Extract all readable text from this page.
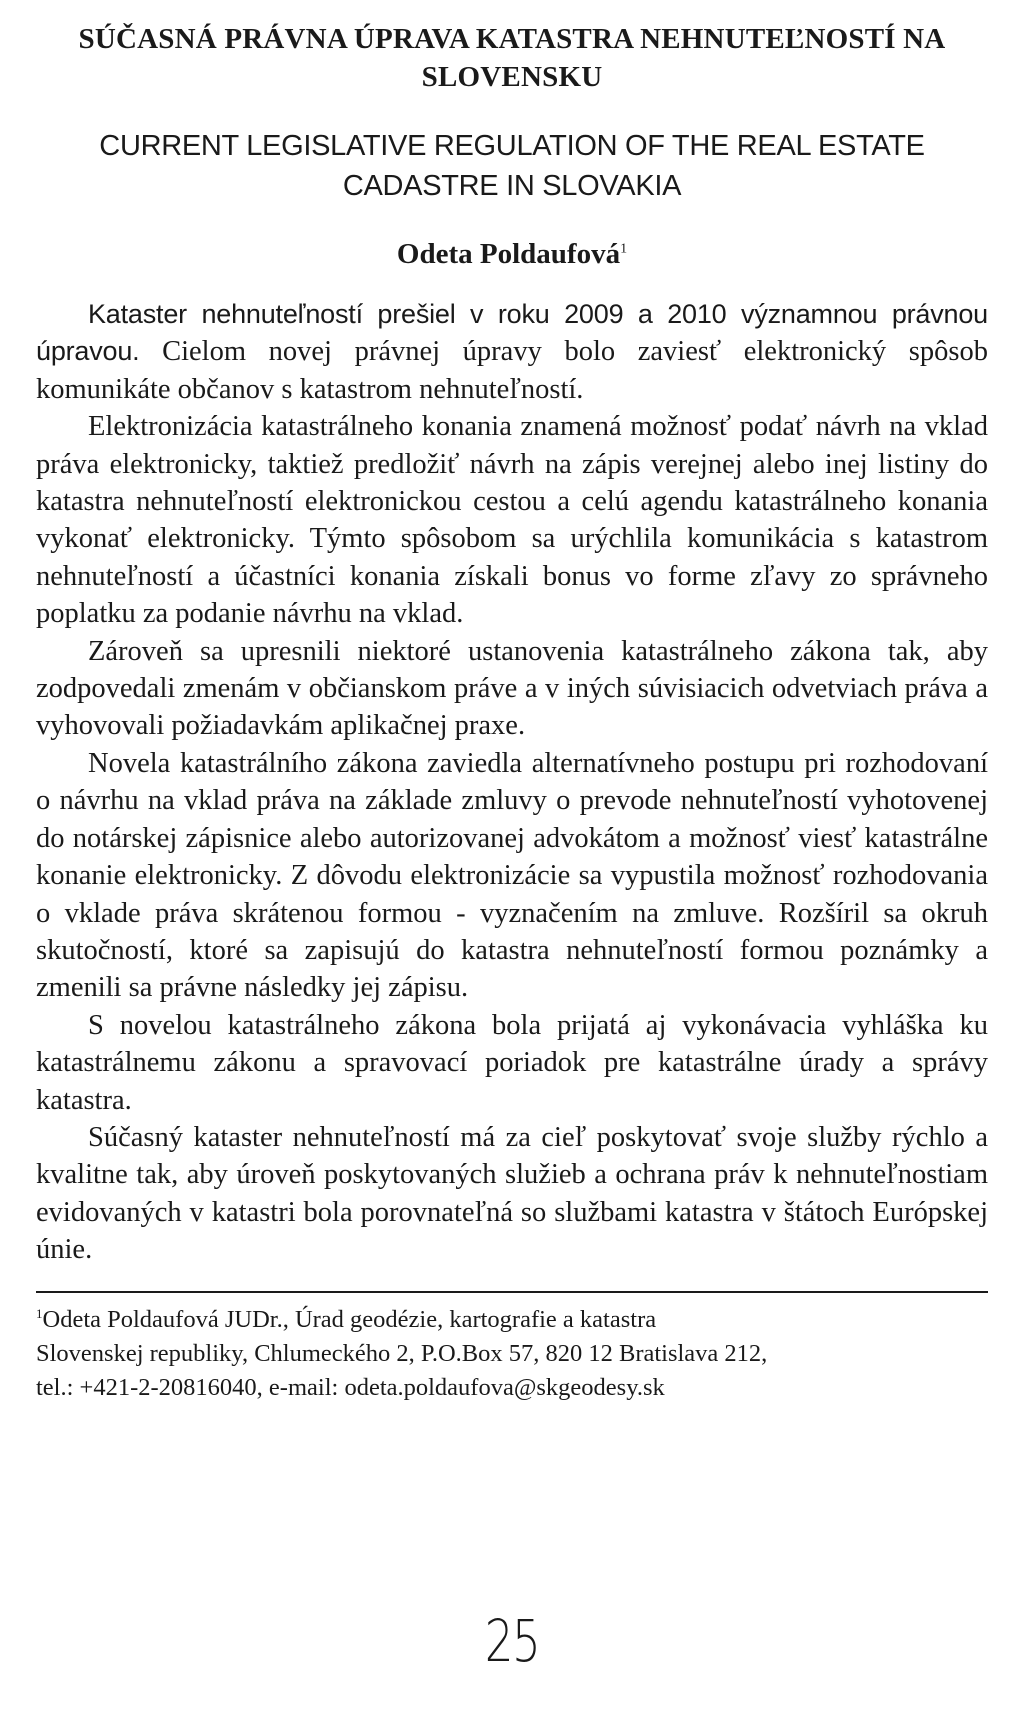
SÚČASNÁ PRÁVNA ÚPRAVA KATASTRA NEHNUTEĽNOSTÍ NA SLOVENSKU
CURRENT LEGISLATIVE REGULATION OF THE REAL ESTATE CADASTRE IN SLOVAKIA
Odeta Poldaufová$^1$

Kataster nehnuteľností prešiel v roku 2009 a 2010 významnou právnou úpravou. Cielom novej právnej úpravy bolo zaviesť elektronický spôsob komunikáte občanov s katastrom nehnuteľností.

Elektronizácia katastrálneho konania znamená možnosť podať návrh na vklad práva elektronicky, taktiež predložiť návrh na zápis verejnej alebo inej listiny do katastra nehnuteľností elektronickou cestou a celú agendu katastrálneho konania vykonať elektronicky. Týmto spôsobom sa urýchlila komunikácia s katastrom nehnuteľností a účastníci konania získali bonus vo forme zľavy zo správneho poplatku za podanie návrhu na vklad.

Zároveň sa upresnili niektoré ustanovenia katastrálneho zákona tak, aby zodpovedali zmenám v občianskom práve a v iných súvisiacich odvetviach práva a vyhovovali požiadavkám aplikačnej praxe.

Novela katastrálního zákona zaviedla alternatívneho postupu pri rozhodovaní o návrhu na vklad práva na základe zmluvy o prevode nehnuteľností vyhotovenej do notárskej zápisnice alebo autorizovanej advokátom a možnosť viesť katastrálne konanie elektronicky. Z dôvodu elektronizácie sa vypustila možnosť rozhodovania o vklade práva skrátenou formou - vyznačením na zmluve. Rozšíril sa okruh skutočností, ktoré sa zapisujú do katastra nehnuteľností formou poznámky a zmenili sa právne následky jej zápisu.

S novelou katastrálneho zákona bola prijatá aj vykonávacia vyhláška ku katastrálnemu zákonu a spravovací poriadok pre katastrálne úrady a správy katastra.

Súčasný kataster nehnuteľností má za cieľ poskytovať svoje služby rýchlo a kvalitne tak, aby úroveň poskytovaných služieb a ochrana práv k nehnuteľnostiam evidovaných v katastri bola porovnateľná so službami katastra v štátoch Európskej únie.

$^1$Odeta Poldaufová JUDr., Úrad geodézie, kartografie a katastra
Slovenskej republiky, Chlumeckého 2, P.O.Box 57, 820 12 Bratislava 212,
tel.: +421-2-20816040, e-mail: odeta.poldaufova@skgeodesy.sk
25
